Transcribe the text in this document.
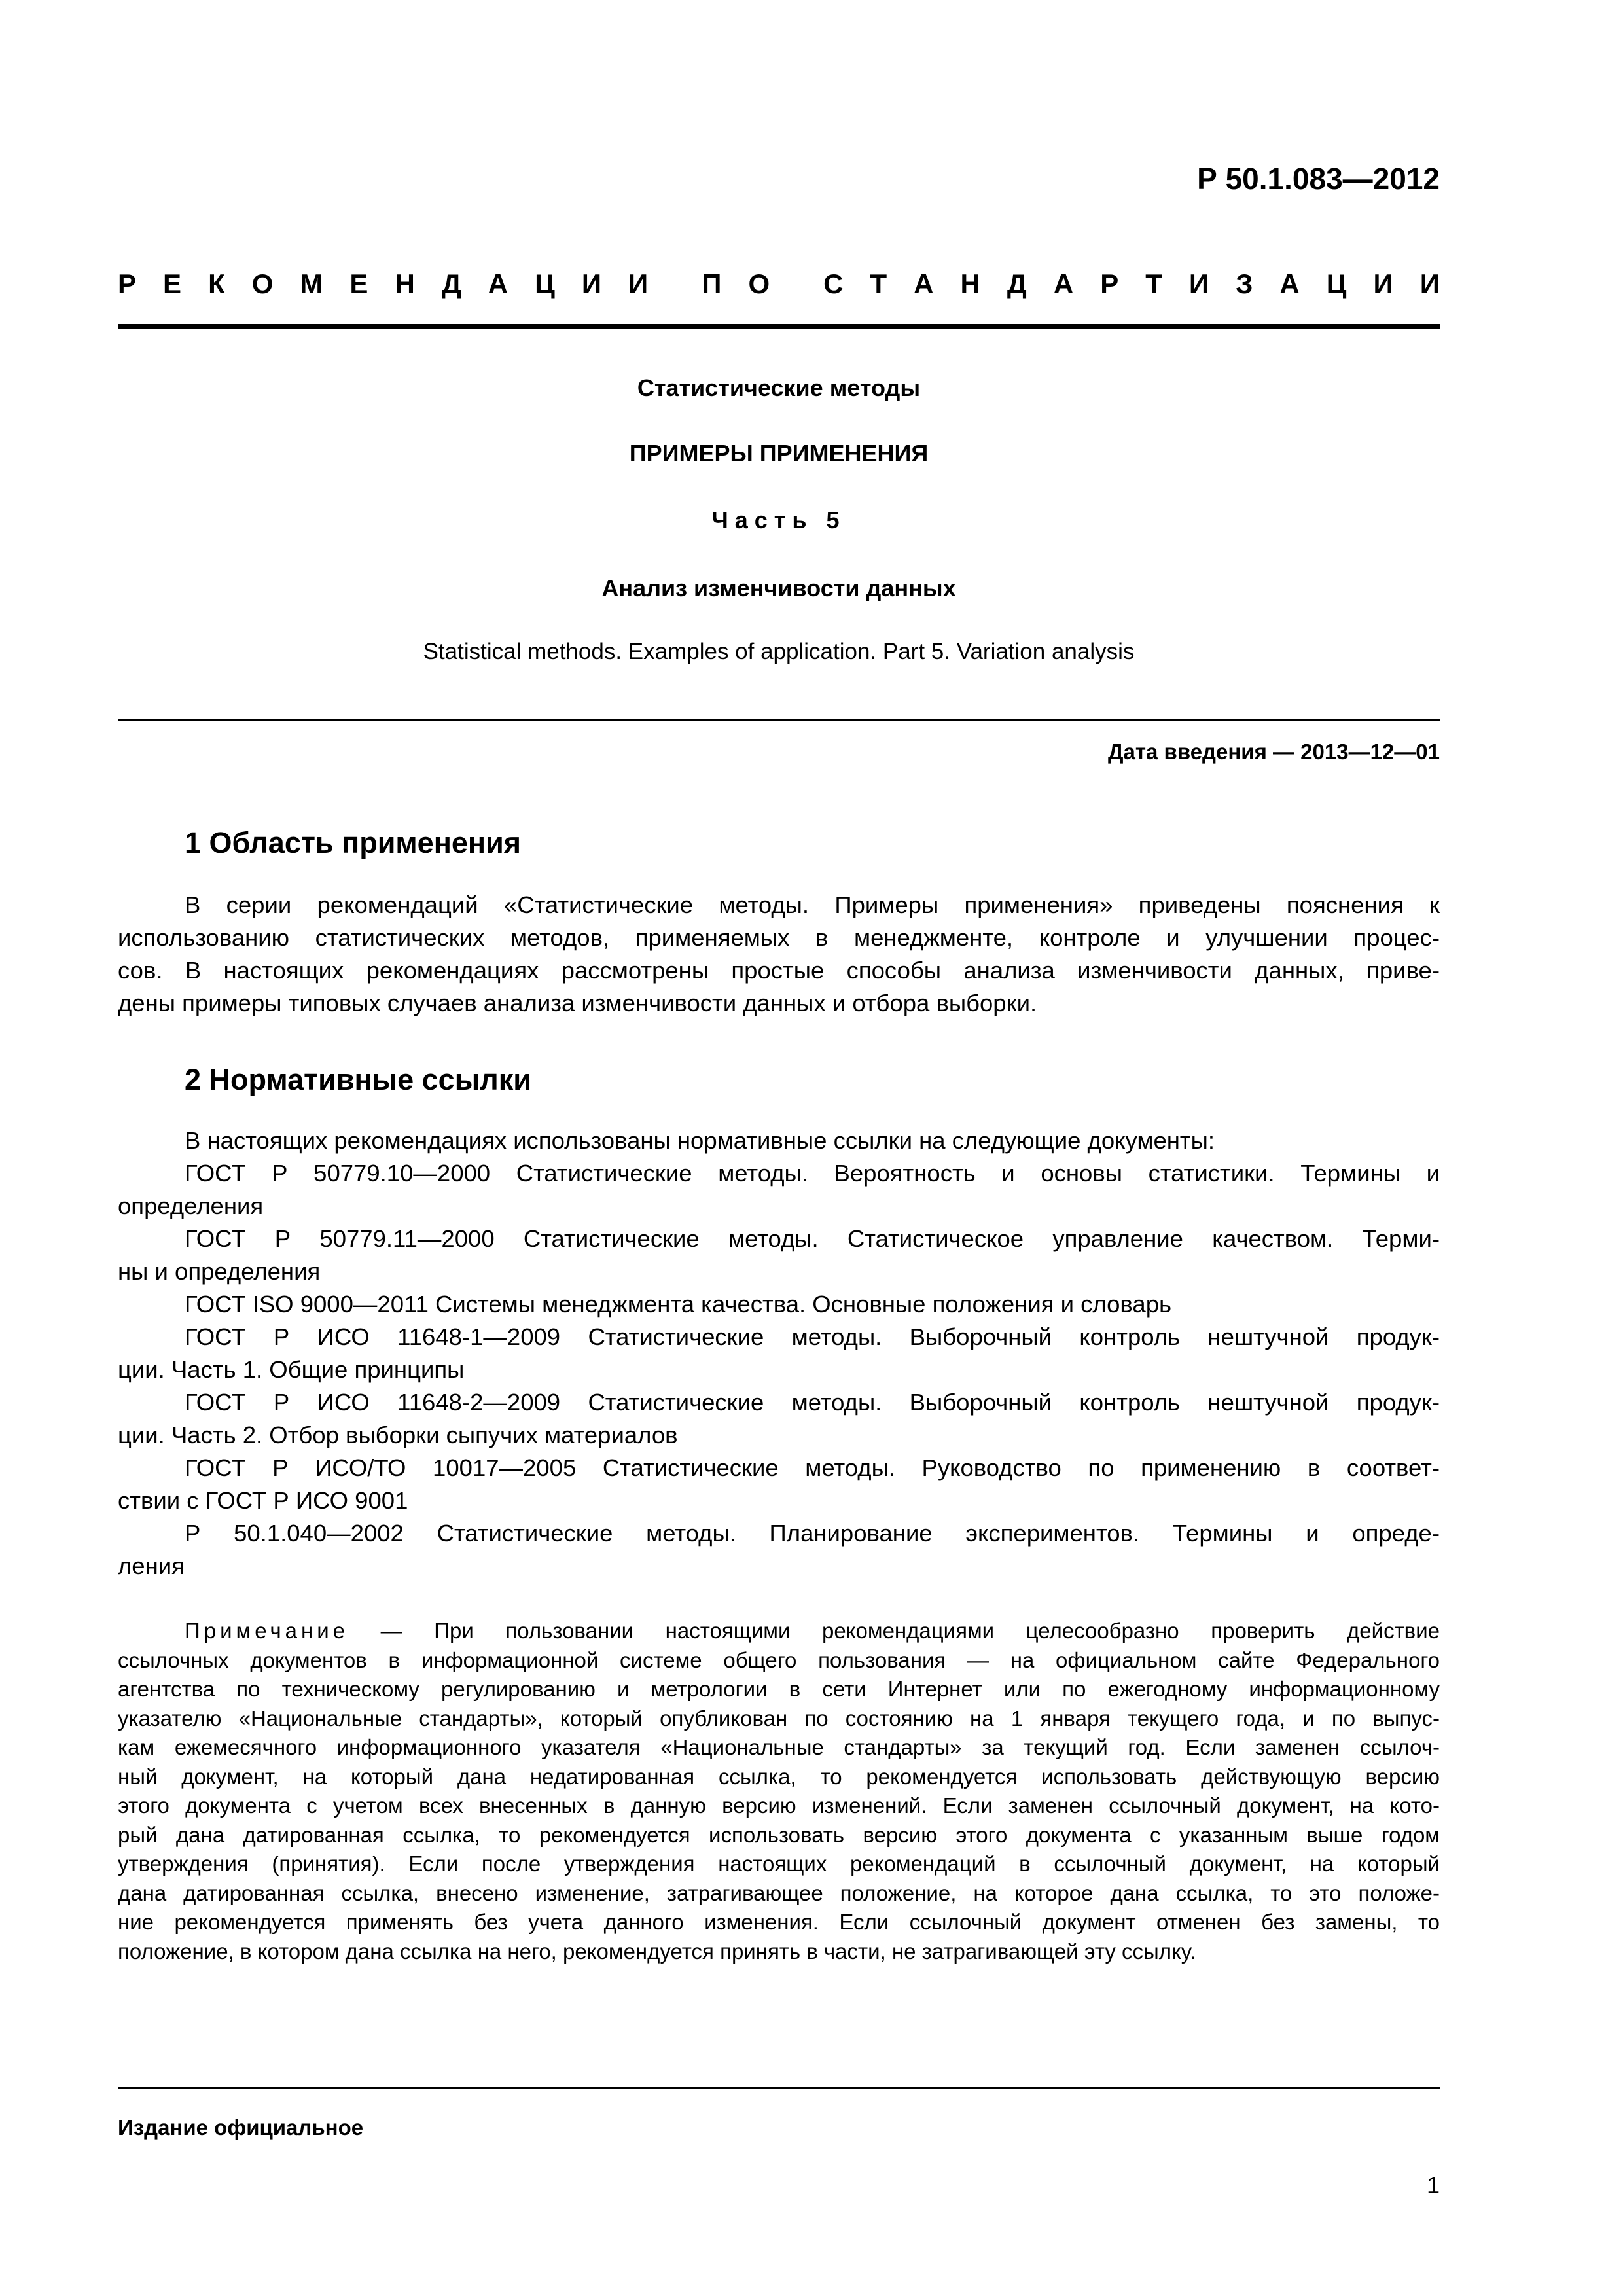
Р 50.1.083—2012
Р Е К О М Е Н Д А Ц И И П О С Т А Н Д А Р Т И З А Ц И И
Статистические методы
ПРИМЕРЫ ПРИМЕНЕНИЯ
Часть 5
Анализ изменчивости данных
Statistical methods. Examples of application. Part 5. Variation analysis
Дата введения — 2013—12—01
1 Область применения
В серии рекомендаций «Статистические методы. Примеры применения» приведены пояснения к
использованию статистических методов, применяемых в менеджменте, контроле и улучшении процес-
сов. В настоящих рекомендациях рассмотрены простые способы анализа изменчивости данных, приве-
дены примеры типовых случаев анализа изменчивости данных и отбора выборки.
2 Нормативные ссылки
В настоящих рекомендациях использованы нормативные ссылки на следующие документы:
ГОСТ Р 50779.10—2000 Статистические методы. Вероятность и основы статистики. Термины и
определения
ГОСТ Р 50779.11—2000 Статистические методы. Статистическое управление качеством. Терми-
ны и определения
ГОСТ ISO 9000—2011 Системы менеджмента качества. Основные положения и словарь
ГОСТ Р ИСО 11648-1—2009 Статистические методы. Выборочный контроль нештучной продук-
ции. Часть 1. Общие принципы
ГОСТ Р ИСО 11648-2—2009 Статистические методы. Выборочный контроль нештучной продук-
ции. Часть 2. Отбор выборки сыпучих материалов
ГОСТ Р ИСО/ТО 10017—2005 Статистические методы. Руководство по применению в соответ-
ствии с ГОСТ Р ИСО 9001
Р 50.1.040—2002 Статистические методы. Планирование экспериментов. Термины и опреде-
ления
Примечание — При пользовании настоящими рекомендациями целесообразно проверить действие
ссылочных документов в информационной системе общего пользования — на официальном сайте Федерального
агентства по техническому регулированию и метрологии в сети Интернет или по ежегодному информационному
указателю «Национальные стандарты», который опубликован по состоянию на 1 января текущего года, и по выпус-
кам ежемесячного информационного указателя «Национальные стандарты» за текущий год. Если заменен ссылоч-
ный документ, на который дана недатированная ссылка, то рекомендуется использовать действующую версию
этого документа с учетом всех внесенных в данную версию изменений. Если заменен ссылочный документ, на кото-
рый дана датированная ссылка, то рекомендуется использовать версию этого документа с указанным выше годом
утверждения (принятия). Если после утверждения настоящих рекомендаций в ссылочный документ, на который
дана датированная ссылка, внесено изменение, затрагивающее положение, на которое дана ссылка, то это положе-
ние рекомендуется применять без учета данного изменения. Если ссылочный документ отменен без замены, то
положение, в котором дана ссылка на него, рекомендуется принять в части, не затрагивающей эту ссылку.
Издание официальное
1
